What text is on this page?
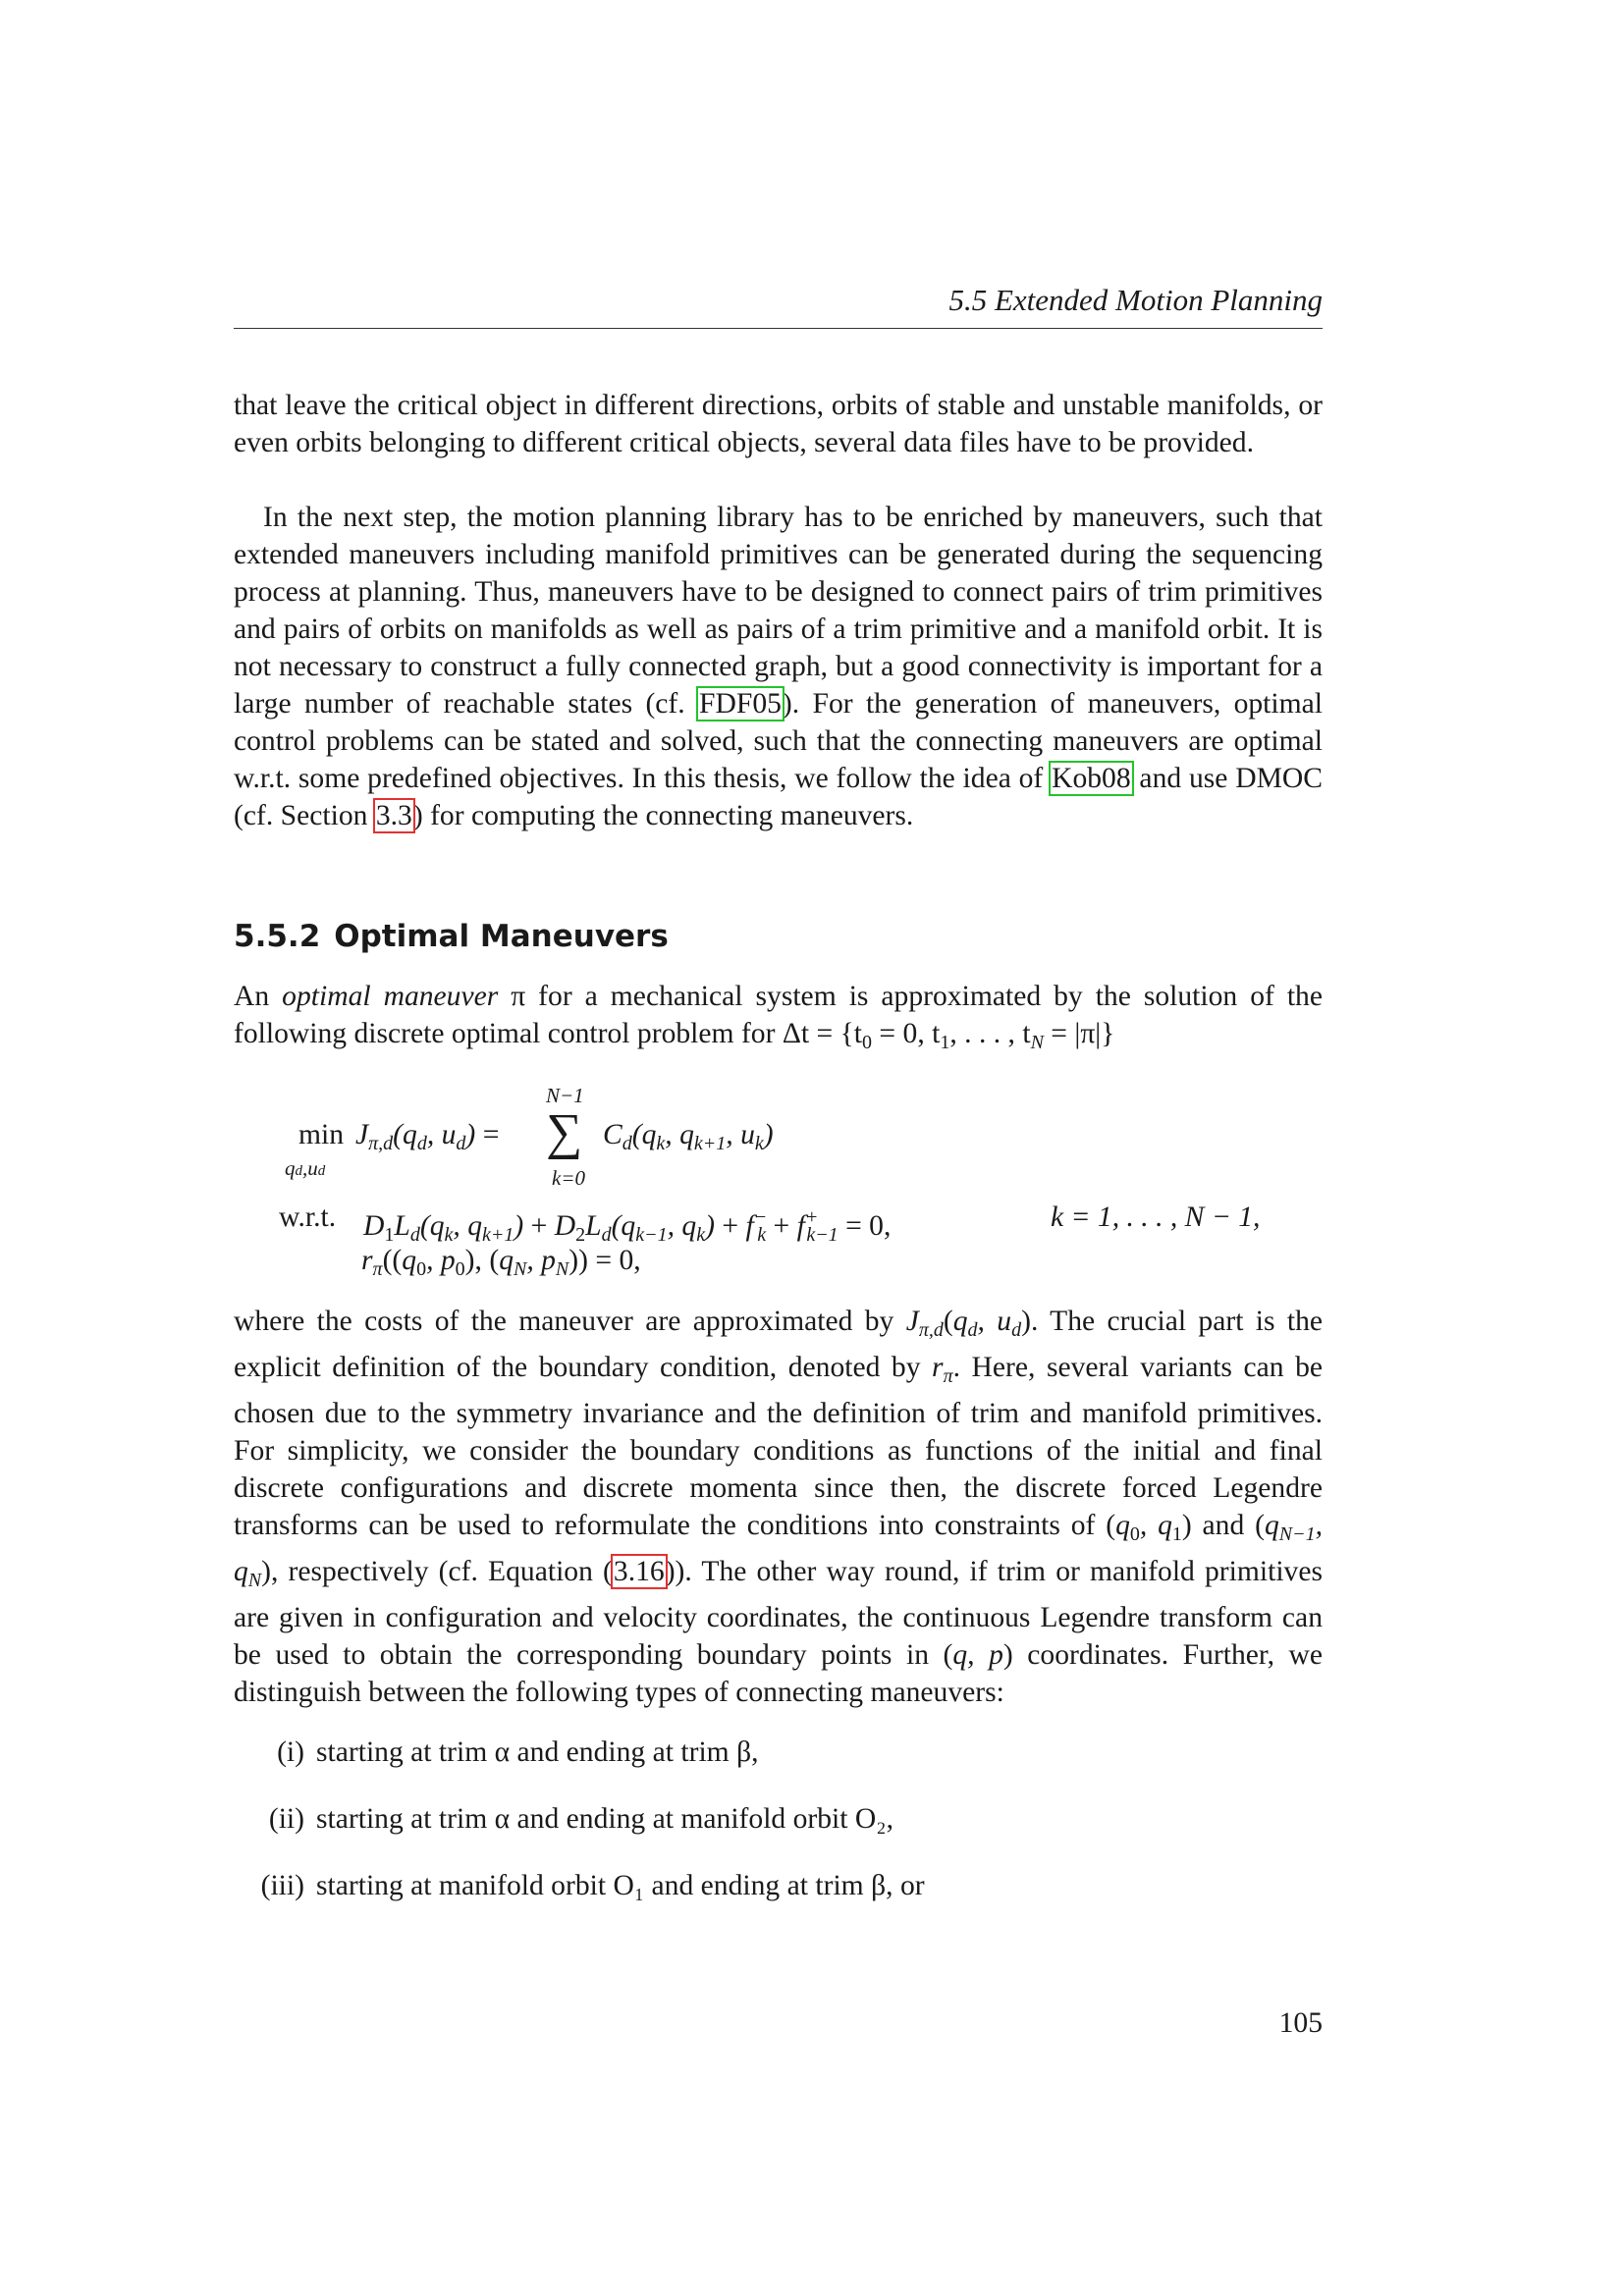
5.5 Extended Motion Planning

that leave the critical object in different directions, orbits of stable and unstable manifolds, or even orbits belonging to different critical objects, several data files have to be provided.

In the next step, the motion planning library has to be enriched by maneuvers, such that extended maneuvers including manifold primitives can be generated during the sequencing process at planning. Thus, maneuvers have to be designed to connect pairs of trim primitives and pairs of orbits on manifolds as well as pairs of a trim primitive and a manifold orbit. It is not necessary to construct a fully connected graph, but a good connectivity is important for a large number of reachable states (cf. FDF05). For the generation of maneuvers, optimal control problems can be stated and solved, such that the connecting maneuvers are optimal w.r.t. some predefined objectives. In this thesis, we follow the idea of Kob08 and use DMOC (cf. Section 3.3) for computing the connecting maneuvers.

5.5.2 Optimal Maneuvers

An optimal maneuver π for a mechanical system is approximated by the solution of the following discrete optimal control problem for $\Delta t = \{t_0 = 0$, $t_1$, . . . , $t_N = |\pi|$}

N−1
min
qd,ud
$J_{\pi,d}(q_d$, $u_d$) = ∑ $C_d(q_k$, $q_{k+1}$, $u_k$)
k=0
w.r.t. $D_1L_d(q_k$, $q_{k+1}) + D_2L_d(q_{k-1}$, $q_k) + f^-_k + f^+_{k-1} = 0$,	k = 1, . . . , N − 1,
$r_\pi((q_0$, $p_0$), ($q_N$, $p_N)) = 0$,

where the costs of the maneuver are approximated by $J_{\pi,d}(q_d$, $u_d$). The crucial part is the explicit definition of the boundary condition, denoted by $r_\pi$. Here, several variants can be chosen due to the symmetry invariance and the definition of trim and manifold primitives. For simplicity, we consider the boundary conditions as functions of the initial and final discrete configurations and discrete momenta since then, the discrete forced Legendre transforms can be used to reformulate the conditions into constraints of ($q_0$, $q_1$) and ($q_{N-1}$, $q_N$), respectively (cf. Equation (3.16)). The other way round, if trim or manifold primitives are given in configuration and velocity coordinates, the continuous Legendre transform can be used to obtain the corresponding boundary points in (q, p) coordinates. Further, we distinguish between the following types of connecting maneuvers:

(i) starting at trim α and ending at trim β,

(ii) starting at trim α and ending at manifold orbit O₂,

(iii) starting at manifold orbit O₁ and ending at trim β, or

105
